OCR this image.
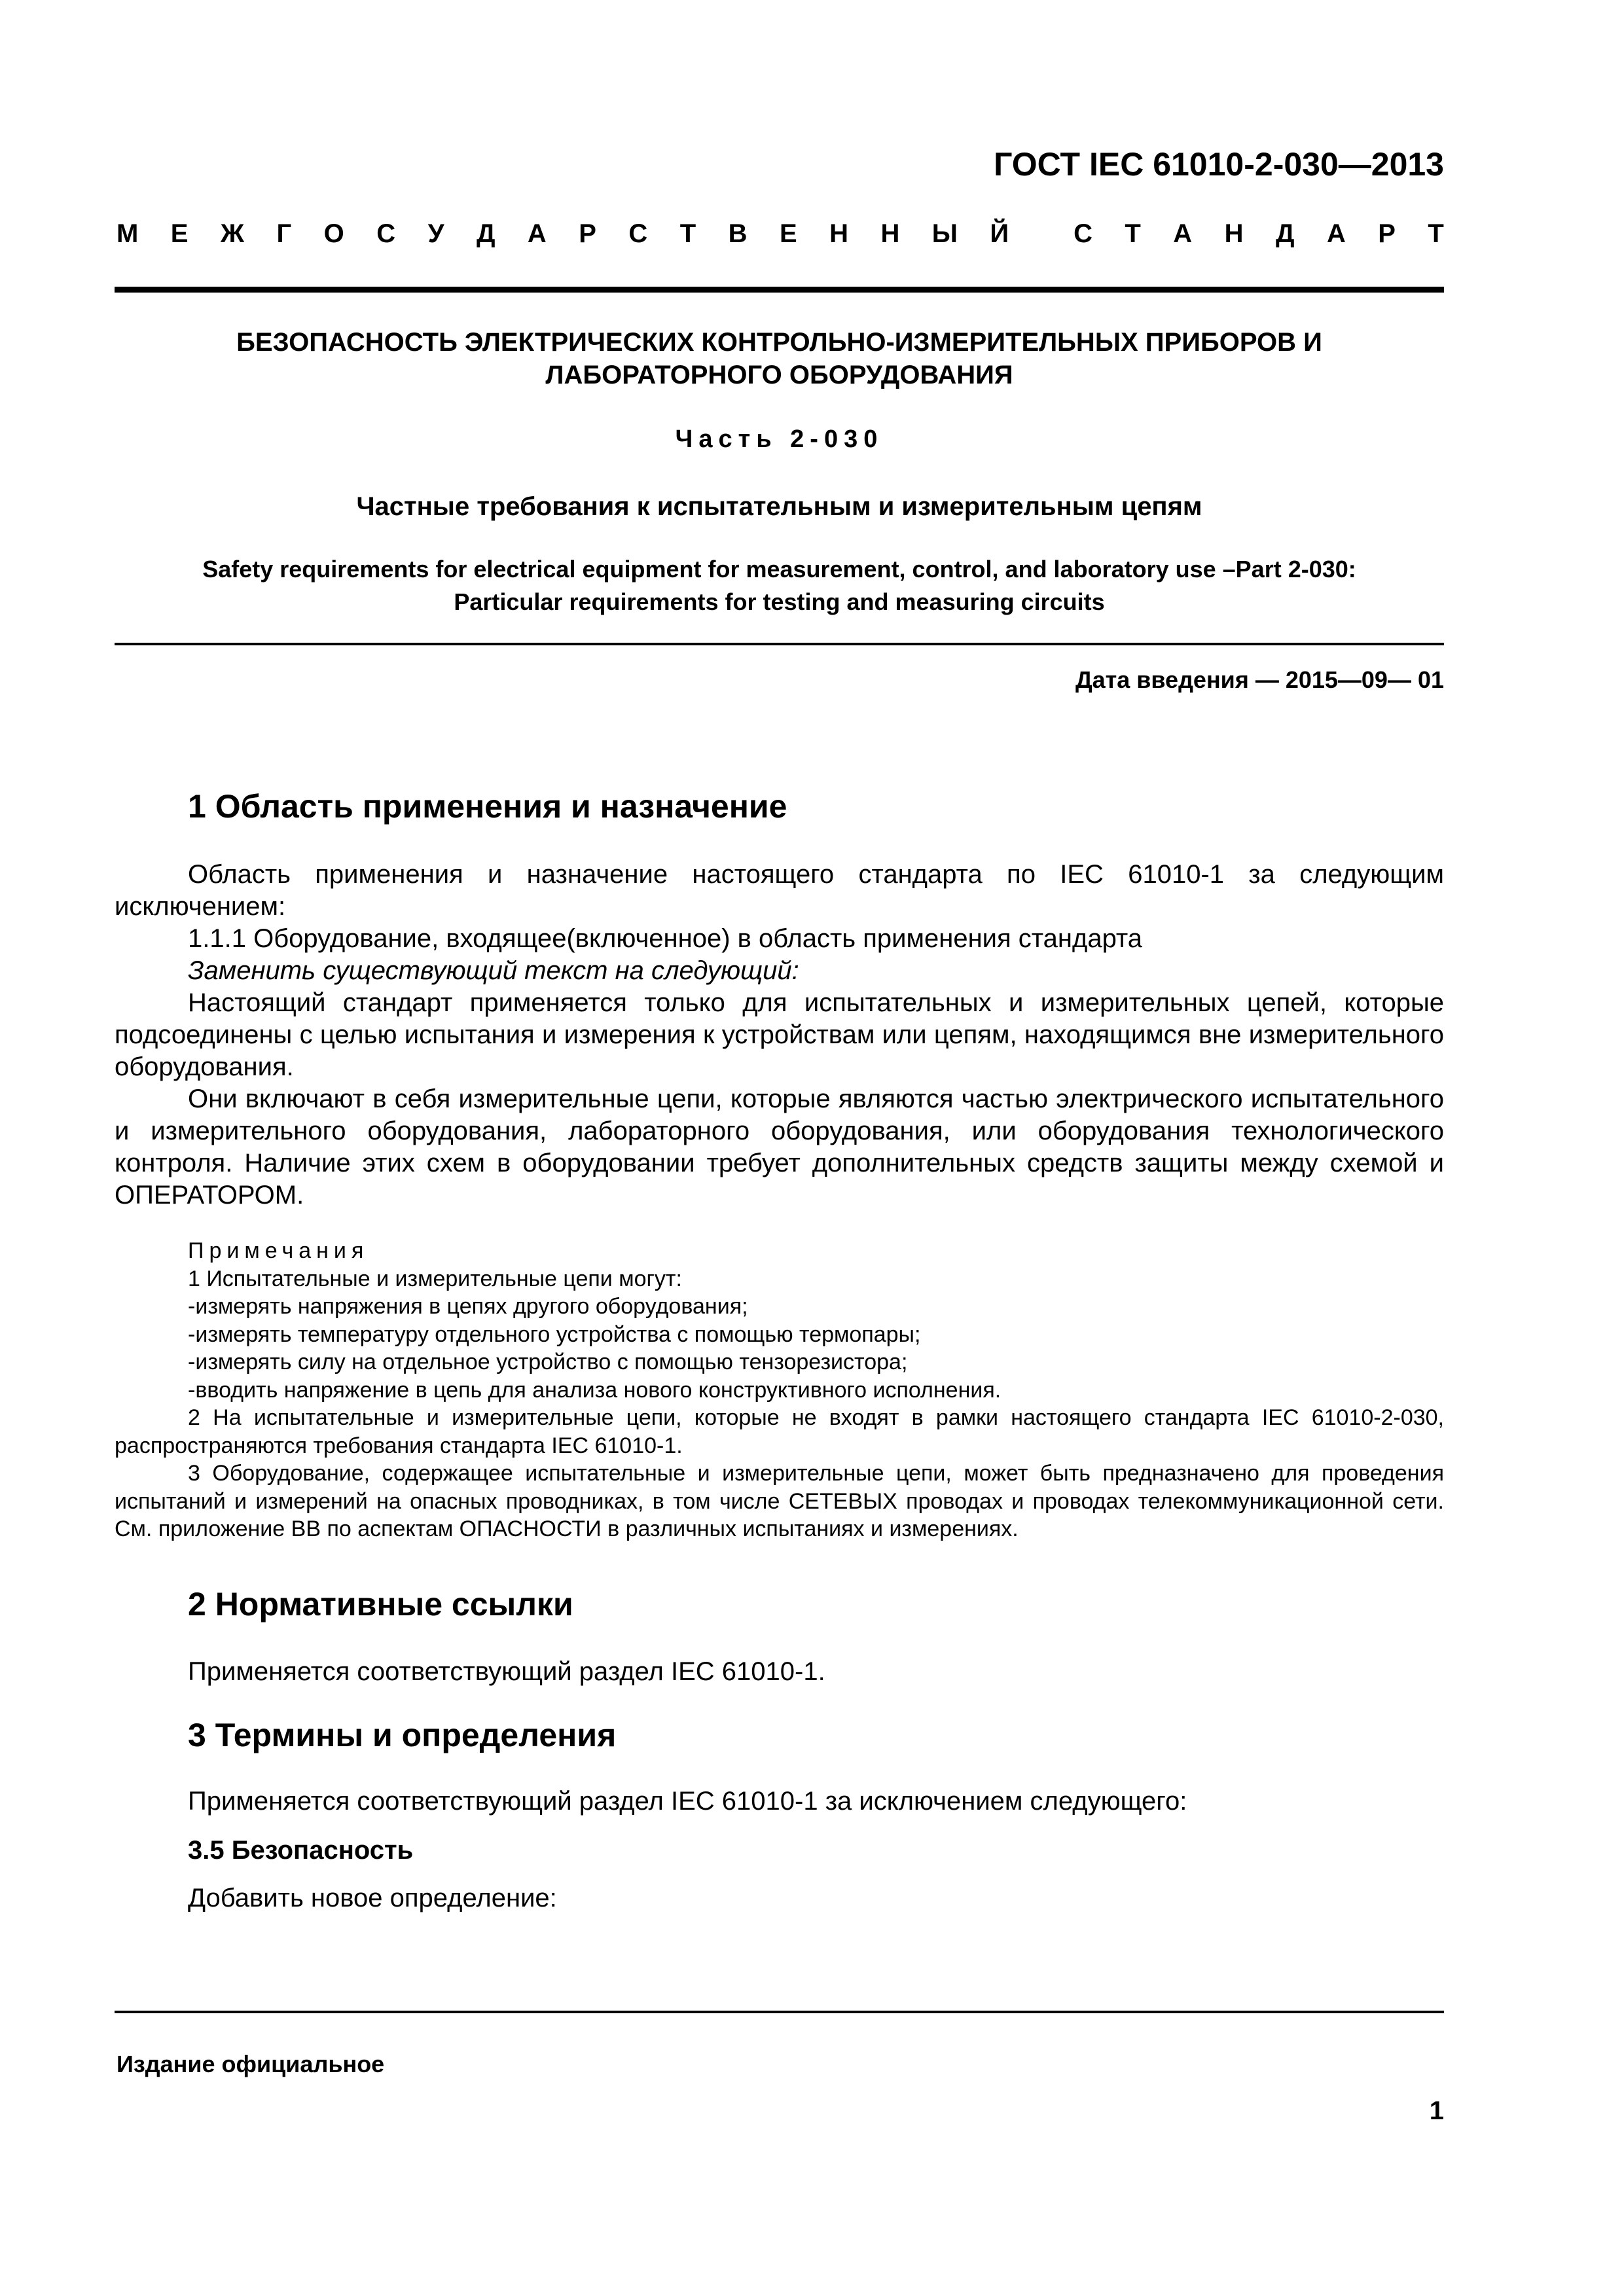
ГОСТ IEC 61010-2-030—2013
М Е Ж Г О С У Д А Р С Т В Е Н Н Ы Й С Т А Н Д А Р Т
БЕЗОПАСНОСТЬ ЭЛЕКТРИЧЕСКИХ КОНТРОЛЬНО-ИЗМЕРИТЕЛЬНЫХ ПРИБОРОВ И
ЛАБОРАТОРНОГО ОБОРУДОВАНИЯ
Часть 2-030
Частные требования к испытательным и измерительным цепям
Safety requirements for electrical equipment for measurement, control, and laboratory use –Part 2-030:
Particular requirements for testing and measuring circuits
Дата введения — 2015—09— 01
1 Область применения и назначение

Область применения и назначение настоящего стандарта по IEC 61010-1 за следующим исключением:

1.1.1 Оборудование, входящее(включенное) в область применения стандарта

Заменить существующий текст на следующий:

Настоящий стандарт применяется только для испытательных и измерительных цепей, которые подсоединены с целью испытания и измерения к устройствам или цепям, находящимся вне измерительного оборудования.

Они включают в себя измерительные цепи, которые являются частью электрического испытательного и измерительного оборудования, лабораторного оборудования, или оборудования технологического контроля. Наличие этих схем в оборудовании требует дополнительных средств защиты между схемой и ОПЕРАТОРОМ.

Примечания

1 Испытательные и измерительные цепи могут:

-измерять напряжения в цепях другого оборудования;

-измерять температуру отдельного устройства с помощью термопары;

-измерять силу на отдельное устройство с помощью тензорезистора;

-вводить напряжение в цепь для анализа нового конструктивного исполнения.

2 На испытательные и измерительные цепи, которые не входят в рамки настоящего стандарта IEC 61010-2-030, распространяются требования стандарта IEC 61010-1.

3 Оборудование, содержащее испытательные и измерительные цепи, может быть предназначено для проведения испытаний и измерений на опасных проводниках, в том числе СЕТЕВЫХ проводах и проводах телекоммуникационной сети. См. приложение ВВ по аспектам ОПАСНОСТИ в различных испытаниях и измерениях.

2 Нормативные ссылки
Применяется соответствующий раздел IEC 61010-1.
3 Термины и определения
Применяется соответствующий раздел IEC 61010-1 за исключением следующего:
3.5 Безопасность
Добавить новое определение:
Издание официальное
1
